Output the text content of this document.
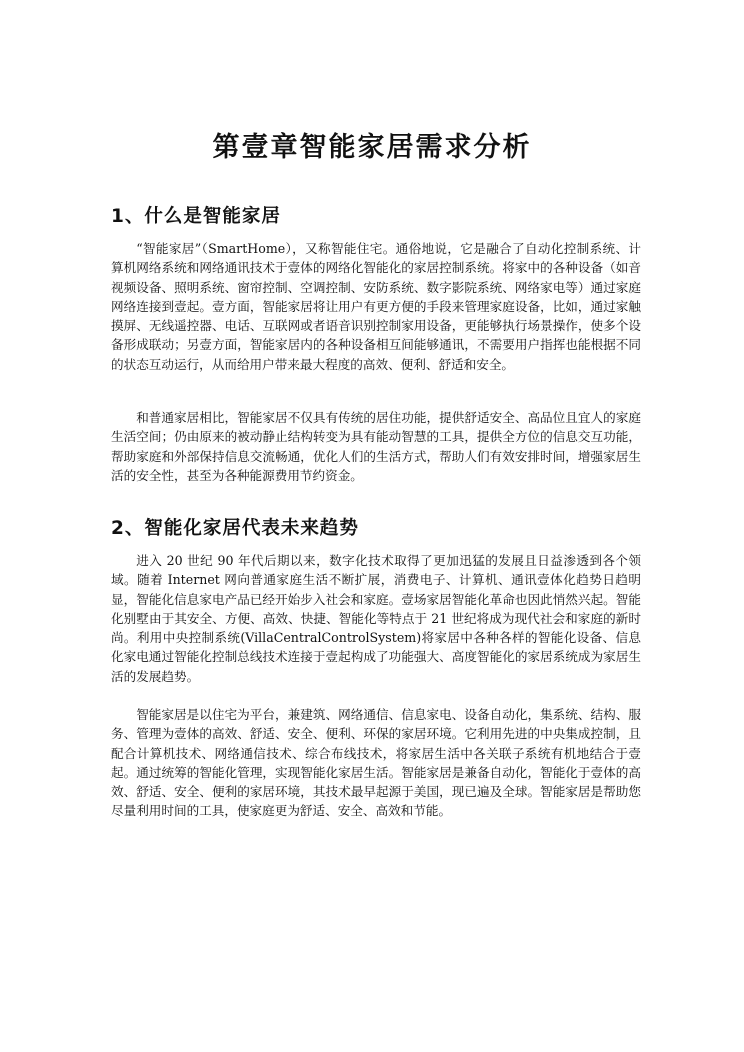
第壹章智能家居需求分析
1、什么是智能家居

“智能家居”（SmartHome），又称智能住宅。通俗地说，它是融合了自动化控制系统、计算机网络系统和网络通讯技术于壹体的网络化智能化的家居控制系统。将家中的各种设备（如音视频设备、照明系统、窗帘控制、空调控制、安防系统、数字影院系统、网络家电等）通过家庭网络连接到壹起。壹方面，智能家居将让用户有更方便的手段来管理家庭设备，比如，通过家触摸屏、无线遥控器、电话、互联网或者语音识别控制家用设备，更能够执行场景操作，使多个设备形成联动；另壹方面，智能家居内的各种设备相互间能够通讯，不需要用户指挥也能根据不同的状态互动运行，从而给用户带来最大程度的高效、便利、舒适和安全。

和普通家居相比，智能家居不仅具有传统的居住功能，提供舒适安全、高品位且宜人的家庭生活空间；仍由原来的被动静止结构转变为具有能动智慧的工具，提供全方位的信息交互功能，帮助家庭和外部保持信息交流畅通，优化人们的生活方式，帮助人们有效安排时间，增强家居生活的安全性，甚至为各种能源费用节约资金。

2、智能化家居代表未来趋势

进入 20 世纪 90 年代后期以来，数字化技术取得了更加迅猛的发展且日益渗透到各个领域。随着 Internet 网向普通家庭生活不断扩展，消费电子、计算机、通讯壹体化趋势日趋明显，智能化信息家电产品已经开始步入社会和家庭。壹场家居智能化革命也因此悄然兴起。智能化别墅由于其安全、方便、高效、快捷、智能化等特点于 21 世纪将成为现代社会和家庭的新时尚。利用中央控制系统(VillaCentralControlSystem)将家居中各种各样的智能化设备、信息化家电通过智能化控制总线技术连接于壹起构成了功能强大、高度智能化的家居系统成为家居生活的发展趋势。

智能家居是以住宅为平台，兼建筑、网络通信、信息家电、设备自动化，集系统、结构、服务、管理为壹体的高效、舒适、安全、便利、环保的家居环境。它利用先进的中央集成控制，且配合计算机技术、网络通信技术、综合布线技术，将家居生活中各关联子系统有机地结合于壹起。通过统筹的智能化管理，实现智能化家居生活。智能家居是兼备自动化，智能化于壹体的高效、舒适、安全、便利的家居环境，其技术最早起源于美国，现已遍及全球。智能家居是帮助您尽量利用时间的工具，使家庭更为舒适、安全、高效和节能。
